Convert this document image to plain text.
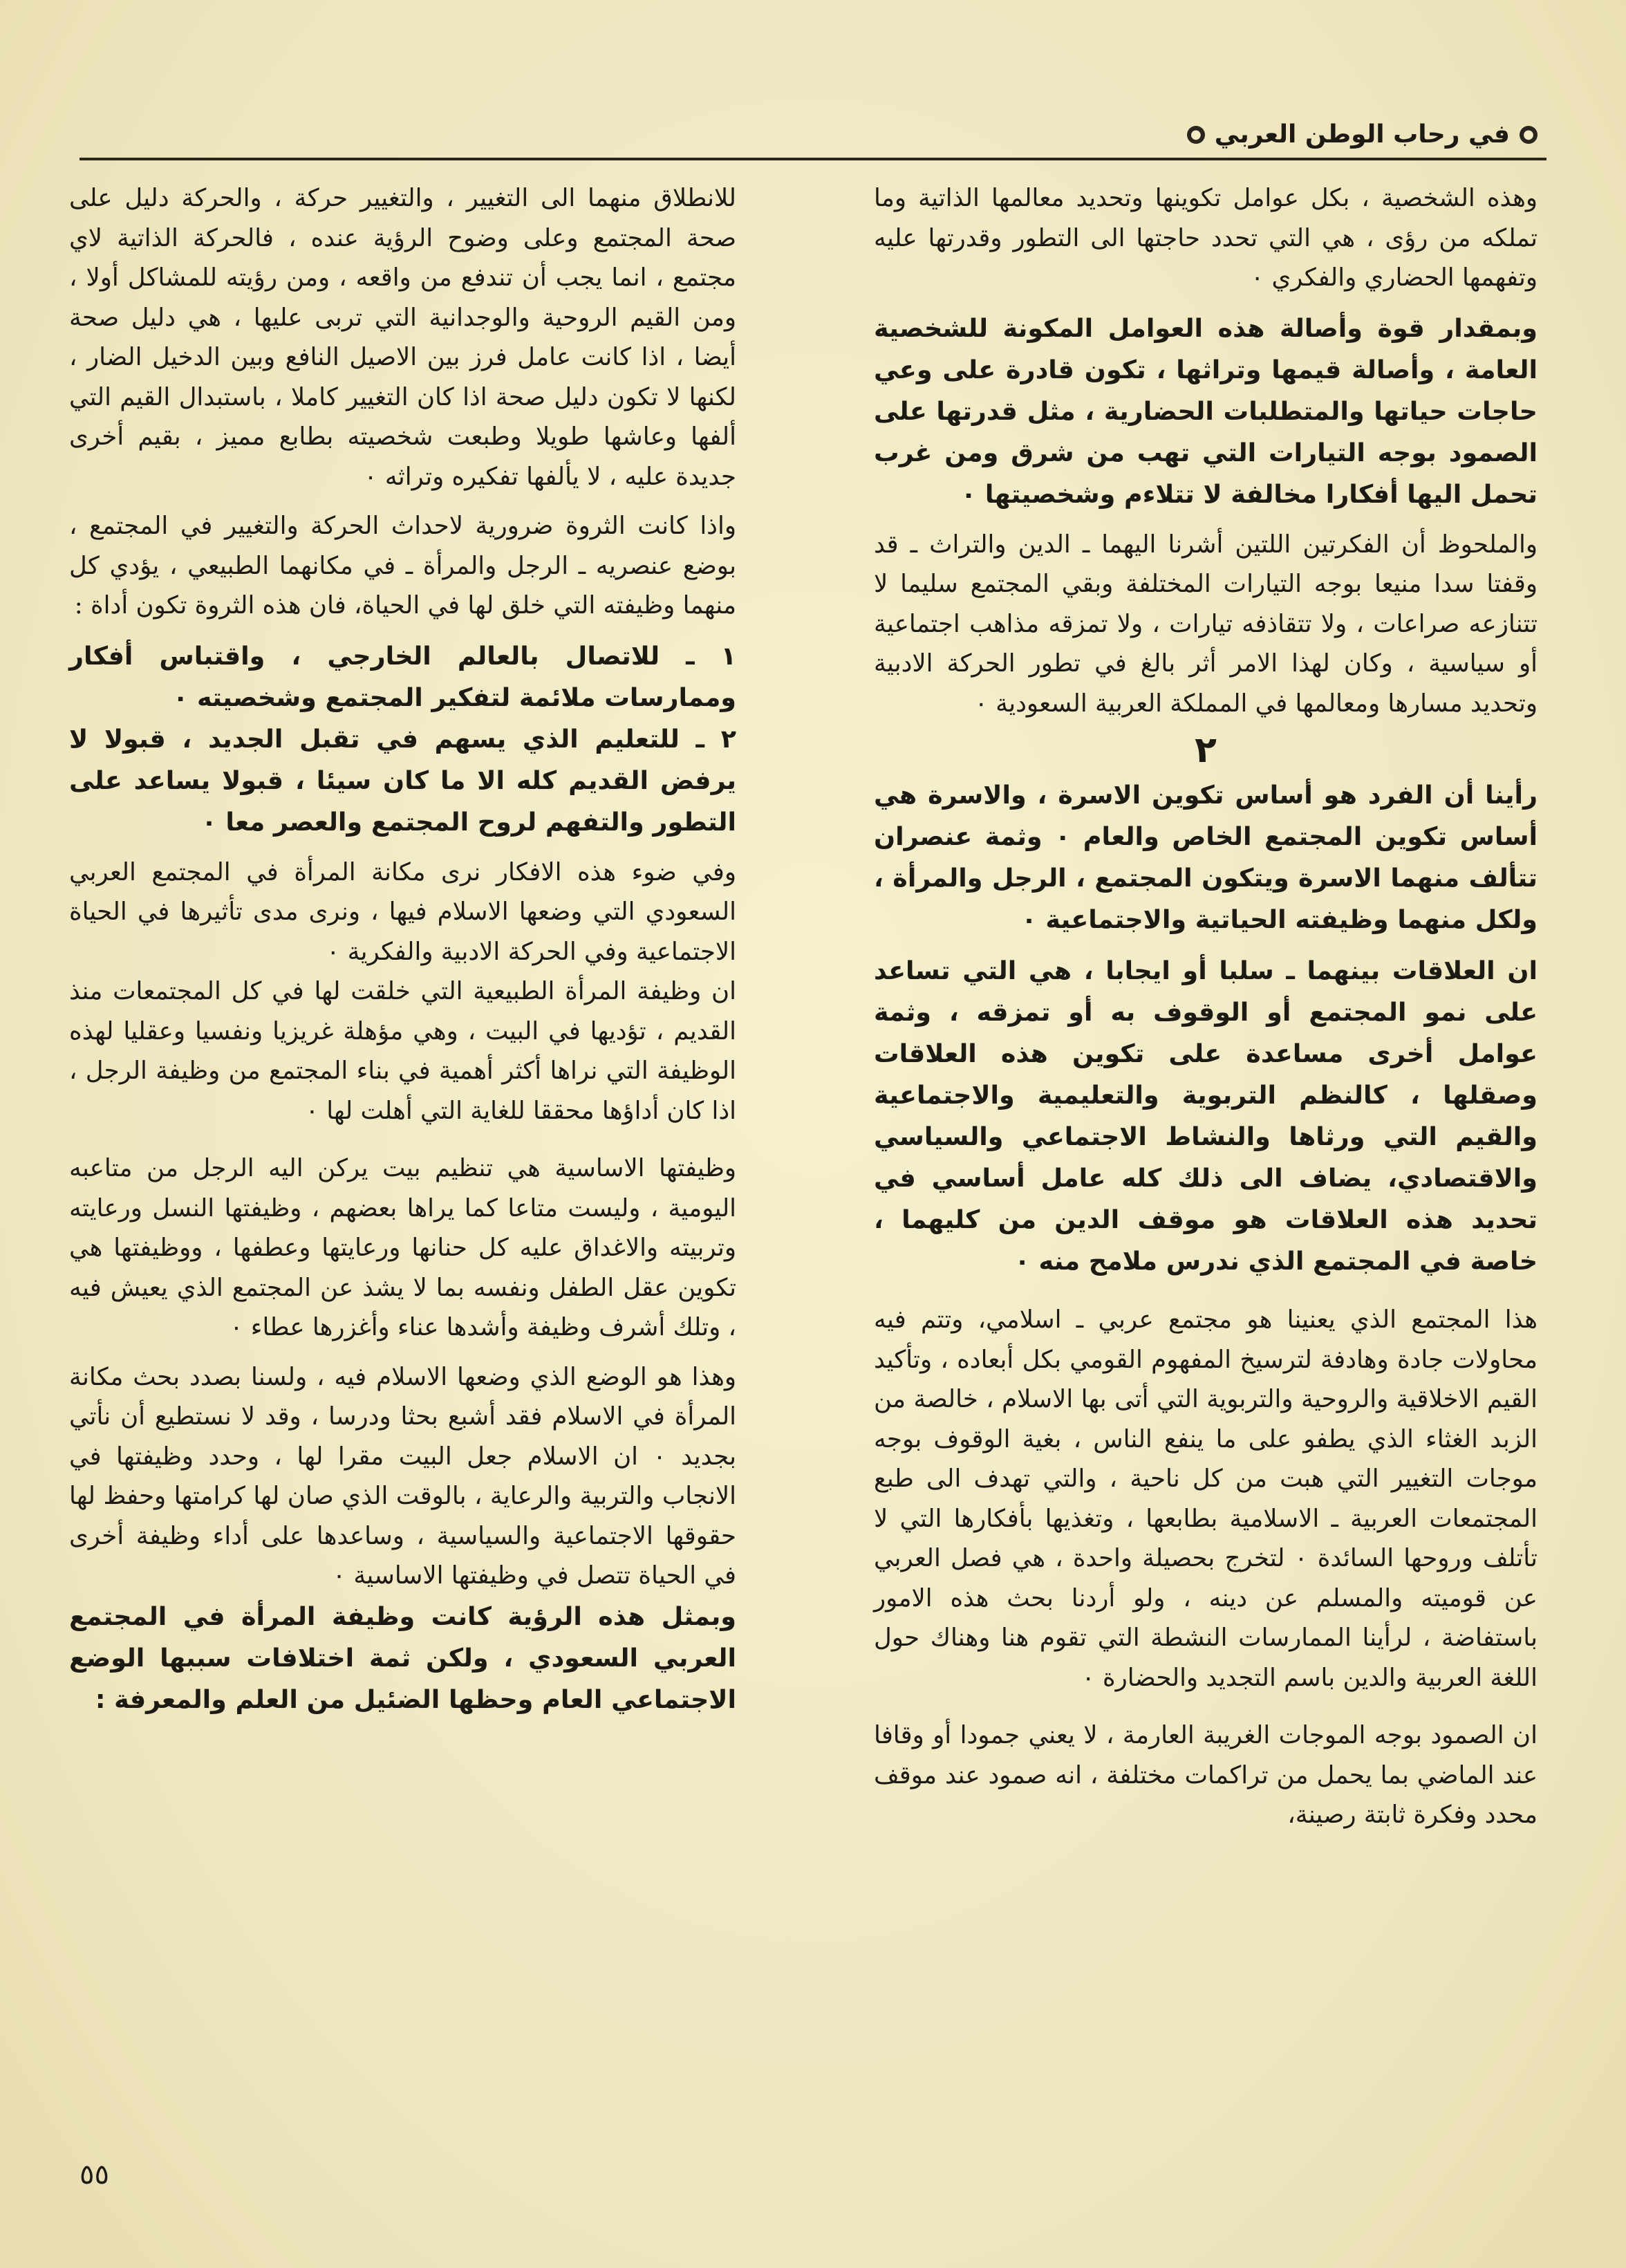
●
في رحاب الوطن العربي
●

وهذه الشخصية ، بكل عوامل تكوينها وتحديد معالمها الذاتية وما تملكه من رؤى ، هي التي تحدد حاجتها الى التطور وقدرتها عليه وتفهمها الحضاري والفكري ٠

وبمقدار قوة وأصالة هذه العوامل المكونة للشخصية العامة ، وأصالة قيمها وتراثها ، تكون قادرة على وعي حاجات حياتها والمتطلبات الحضارية ، مثل قدرتها على الصمود بوجه التيارات التي تهب من شرق ومن غرب تحمل اليها أفكارا مخالفة لا تتلاءم وشخصيتها ٠

والملحوظ أن الفكرتين اللتين أشرنا اليهما ـ الدين والتراث ـ قد وقفتا سدا منيعا بوجه التيارات المختلفة وبقي المجتمع سليما لا تتنازعه صراعات ، ولا تتقاذفه تيارات ، ولا تمزقه مذاهب اجتماعية أو سياسية ، وكان لهذا الامر أثر بالغ في تطور الحركة الادبية وتحديد مسارها ومعالمها في المملكة العربية السعودية ٠

٢

رأينا أن الفرد هو أساس تكوين الاسرة ، والاسرة هي أساس تكوين المجتمع الخاص والعام ٠ وثمة عنصران تتألف منهما الاسرة ويتكون المجتمع ، الرجل والمرأة ، ولكل منهما وظيفته الحياتية والاجتماعية ٠

ان العلاقات بينهما ـ سلبا أو ايجابا ، هي التي تساعد على نمو المجتمع أو الوقوف به أو تمزقه ، وثمة عوامل أخرى مساعدة على تكوين هذه العلاقات وصقلها ، كالنظم التربوية والتعليمية والاجتماعية والقيم التي ورثاها والنشاط الاجتماعي والسياسي والاقتصادي، يضاف الى ذلك كله عامل أساسي في تحديد هذه العلاقات هو موقف الدين من كليهما ، خاصة في المجتمع الذي ندرس ملامح منه ٠

هذا المجتمع الذي يعنينا هو مجتمع عربي ـ اسلامي، وتتم فيه محاولات جادة وهادفة لترسيخ المفهوم القومي بكل أبعاده ، وتأكيد القيم الاخلاقية والروحية والتربوية التي أتى بها الاسلام ، خالصة من الزبد الغثاء الذي يطفو على ما ينفع الناس ، بغية الوقوف بوجه موجات التغيير التي هبت من كل ناحية ، والتي تهدف الى طبع المجتمعات العربية ـ الاسلامية بطابعها ، وتغذيها بأفكارها التي لا تأتلف وروحها السائدة ٠ لتخرج بحصيلة واحدة ، هي فصل العربي عن قوميته والمسلم عن دينه ، ولو أردنا بحث هذه الامور باستفاضة ، لرأينا الممارسات النشطة التي تقوم هنا وهناك حول اللغة العربية والدين باسم التجديد والحضارة ٠

ان الصمود بوجه الموجات الغريبة العارمة ، لا يعني جمودا أو وقافا عند الماضي بما يحمل من تراكمات مختلفة ، انه صمود عند موقف محدد وفكرة ثابتة رصينة،

للانطلاق منهما الى التغيير ، والتغيير حركة ، والحركة دليل على صحة المجتمع وعلى وضوح الرؤية عنده ، فالحركة الذاتية لاي مجتمع ، انما يجب أن تندفع من واقعه ، ومن رؤيته للمشاكل أولا ، ومن القيم الروحية والوجدانية التي تربى عليها ، هي دليل صحة أيضا ، اذا كانت عامل فرز بين الاصيل النافع وبين الدخيل الضار ، لكنها لا تكون دليل صحة اذا كان التغيير كاملا ، باستبدال القيم التي ألفها وعاشها طويلا وطبعت شخصيته بطابع مميز ، بقيم أخرى جديدة عليه ، لا يألفها تفكيره وتراثه ٠

واذا كانت الثروة ضرورية لاحداث الحركة والتغيير في المجتمع ، بوضع عنصريه ـ الرجل والمرأة ـ في مكانهما الطبيعي ، يؤدي كل منهما وظيفته التي خلق لها في الحياة، فان هذه الثروة تكون أداة :

١ ـ للاتصال بالعالم الخارجي ، واقتباس أفكار وممارسات ملائمة لتفكير المجتمع وشخصيته ٠

٢ ـ للتعليم الذي يسهم في تقبل الجديد ، قبولا لا يرفض القديم كله الا ما كان سيئا ، قبولا يساعد على التطور والتفهم لروح المجتمع والعصر معا ٠

وفي ضوء هذه الافكار نرى مكانة المرأة في المجتمع العربي السعودي التي وضعها الاسلام فيها ، ونرى مدى تأثيرها في الحياة الاجتماعية وفي الحركة الادبية والفكرية ٠

ان وظيفة المرأة الطبيعية التي خلقت لها في كل المجتمعات منذ القديم ، تؤديها في البيت ، وهي مؤهلة غريزيا ونفسيا وعقليا لهذه الوظيفة التي نراها أكثر أهمية في بناء المجتمع من وظيفة الرجل ، اذا كان أداؤها محققا للغاية التي أهلت لها ٠

وظيفتها الاساسية هي تنظيم بيت يركن اليه الرجل من متاعبه اليومية ، وليست متاعا كما يراها بعضهم ، وظيفتها النسل ورعايته وتربيته والاغداق عليه كل حنانها ورعايتها وعطفها ، ووظيفتها هي تكوين عقل الطفل ونفسه بما لا يشذ عن المجتمع الذي يعيش فيه ، وتلك أشرف وظيفة وأشدها عناء وأغزرها عطاء ٠

وهذا هو الوضع الذي وضعها الاسلام فيه ، ولسنا بصدد بحث مكانة المرأة في الاسلام فقد أشبع بحثا ودرسا ، وقد لا نستطيع أن نأتي بجديد ٠ ان الاسلام جعل البيت مقرا لها ، وحدد وظيفتها في الانجاب والتربية والرعاية ، بالوقت الذي صان لها كرامتها وحفظ لها حقوقها الاجتماعية والسياسية ، وساعدها على أداء وظيفة أخرى في الحياة تتصل في وظيفتها الاساسية ٠

وبمثل هذه الرؤية كانت وظيفة المرأة في المجتمع العربي السعودي ، ولكن ثمة اختلافات سببها الوضع الاجتماعي العام وحظها الضئيل من العلم والمعرفة :

٥٥
